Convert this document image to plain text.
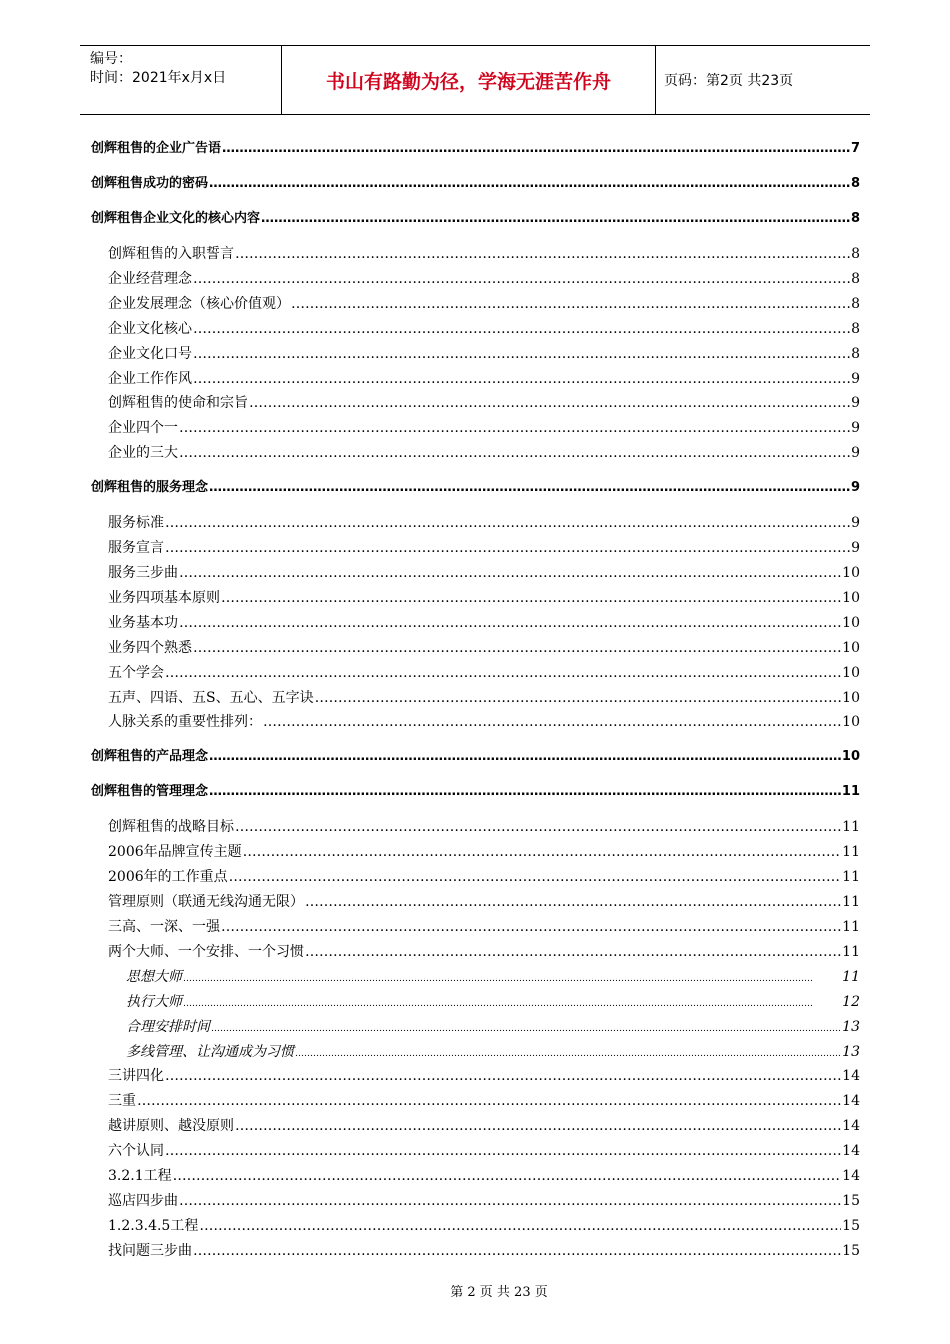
编号：
时间：2021年x月x日	书山有路勤为径，学海无涯苦作舟	页码：第2页 共23页
创辉租售的企业广告语 …………………………………………………………………………………………………………………………………………………………………………………………	7
创辉租售成功的密码 …………………………………………………………………………………………………………………………………………………………………………………………	8
创辉租售企业文化的核心内容 …………………………………………………………………………………………………………………………………………………………………………………………	8
创辉租售的入职誓言 …………………………………………………………………………………………………………………………………………………………………………………………	8
企业经营理念 …………………………………………………………………………………………………………………………………………………………………………………………	8
企业发展理念（核心价值观） …………………………………………………………………………………………………………………………………………………………………………………………	8
企业文化核心 …………………………………………………………………………………………………………………………………………………………………………………………	8
企业文化口号 …………………………………………………………………………………………………………………………………………………………………………………………	8
企业工作作风 …………………………………………………………………………………………………………………………………………………………………………………………	9
创辉租售的使命和宗旨 …………………………………………………………………………………………………………………………………………………………………………………………	9
企业四个一 …………………………………………………………………………………………………………………………………………………………………………………………	9
企业的三大 …………………………………………………………………………………………………………………………………………………………………………………………	9
创辉租售的服务理念 …………………………………………………………………………………………………………………………………………………………………………………………	9
服务标准 …………………………………………………………………………………………………………………………………………………………………………………………	9
服务宣言 …………………………………………………………………………………………………………………………………………………………………………………………	9
服务三步曲 …………………………………………………………………………………………………………………………………………………………………………………………	10
业务四项基本原则 …………………………………………………………………………………………………………………………………………………………………………………………	10
业务基本功 …………………………………………………………………………………………………………………………………………………………………………………………	10
业务四个熟悉 …………………………………………………………………………………………………………………………………………………………………………………………	10
五个学会 …………………………………………………………………………………………………………………………………………………………………………………………	10
五声、四语、五S、五心、五字诀 …………………………………………………………………………………………………………………………………………………………………………………………	10
人脉关系的重要性排列： …………………………………………………………………………………………………………………………………………………………………………………………	10
创辉租售的产品理念 …………………………………………………………………………………………………………………………………………………………………………………………	10
创辉租售的管理理念 …………………………………………………………………………………………………………………………………………………………………………………………	11
创辉租售的战略目标 …………………………………………………………………………………………………………………………………………………………………………………………	11
2006年品牌宣传主题 …………………………………………………………………………………………………………………………………………………………………………………………	11
2006年的工作重点 …………………………………………………………………………………………………………………………………………………………………………………………	11
管理原则（联通无线沟通无限） …………………………………………………………………………………………………………………………………………………………………………………………	11
三高、一深、一强 …………………………………………………………………………………………………………………………………………………………………………………………	11
两个大师、一个安排、一个习惯 …………………………………………………………………………………………………………………………………………………………………………………………	11
思想大师 …………………………………………………………………………………………………………………………………………………………………………………………	11
执行大师 …………………………………………………………………………………………………………………………………………………………………………………………	12
合理安排时间 …………………………………………………………………………………………………………………………………………………………………………………………	13
多线管理、让沟通成为习惯 …………………………………………………………………………………………………………………………………………………………………………………………	13
三讲四化 …………………………………………………………………………………………………………………………………………………………………………………………	14
三重 …………………………………………………………………………………………………………………………………………………………………………………………	14
越讲原则、越没原则 …………………………………………………………………………………………………………………………………………………………………………………………	14
六个认同 …………………………………………………………………………………………………………………………………………………………………………………………	14
3.2.1工程 …………………………………………………………………………………………………………………………………………………………………………………………	14
巡店四步曲 …………………………………………………………………………………………………………………………………………………………………………………………	15
1.2.3.4.5工程 …………………………………………………………………………………………………………………………………………………………………………………………	15
找问题三步曲 …………………………………………………………………………………………………………………………………………………………………………………………	15
第 2 页 共 23 页
